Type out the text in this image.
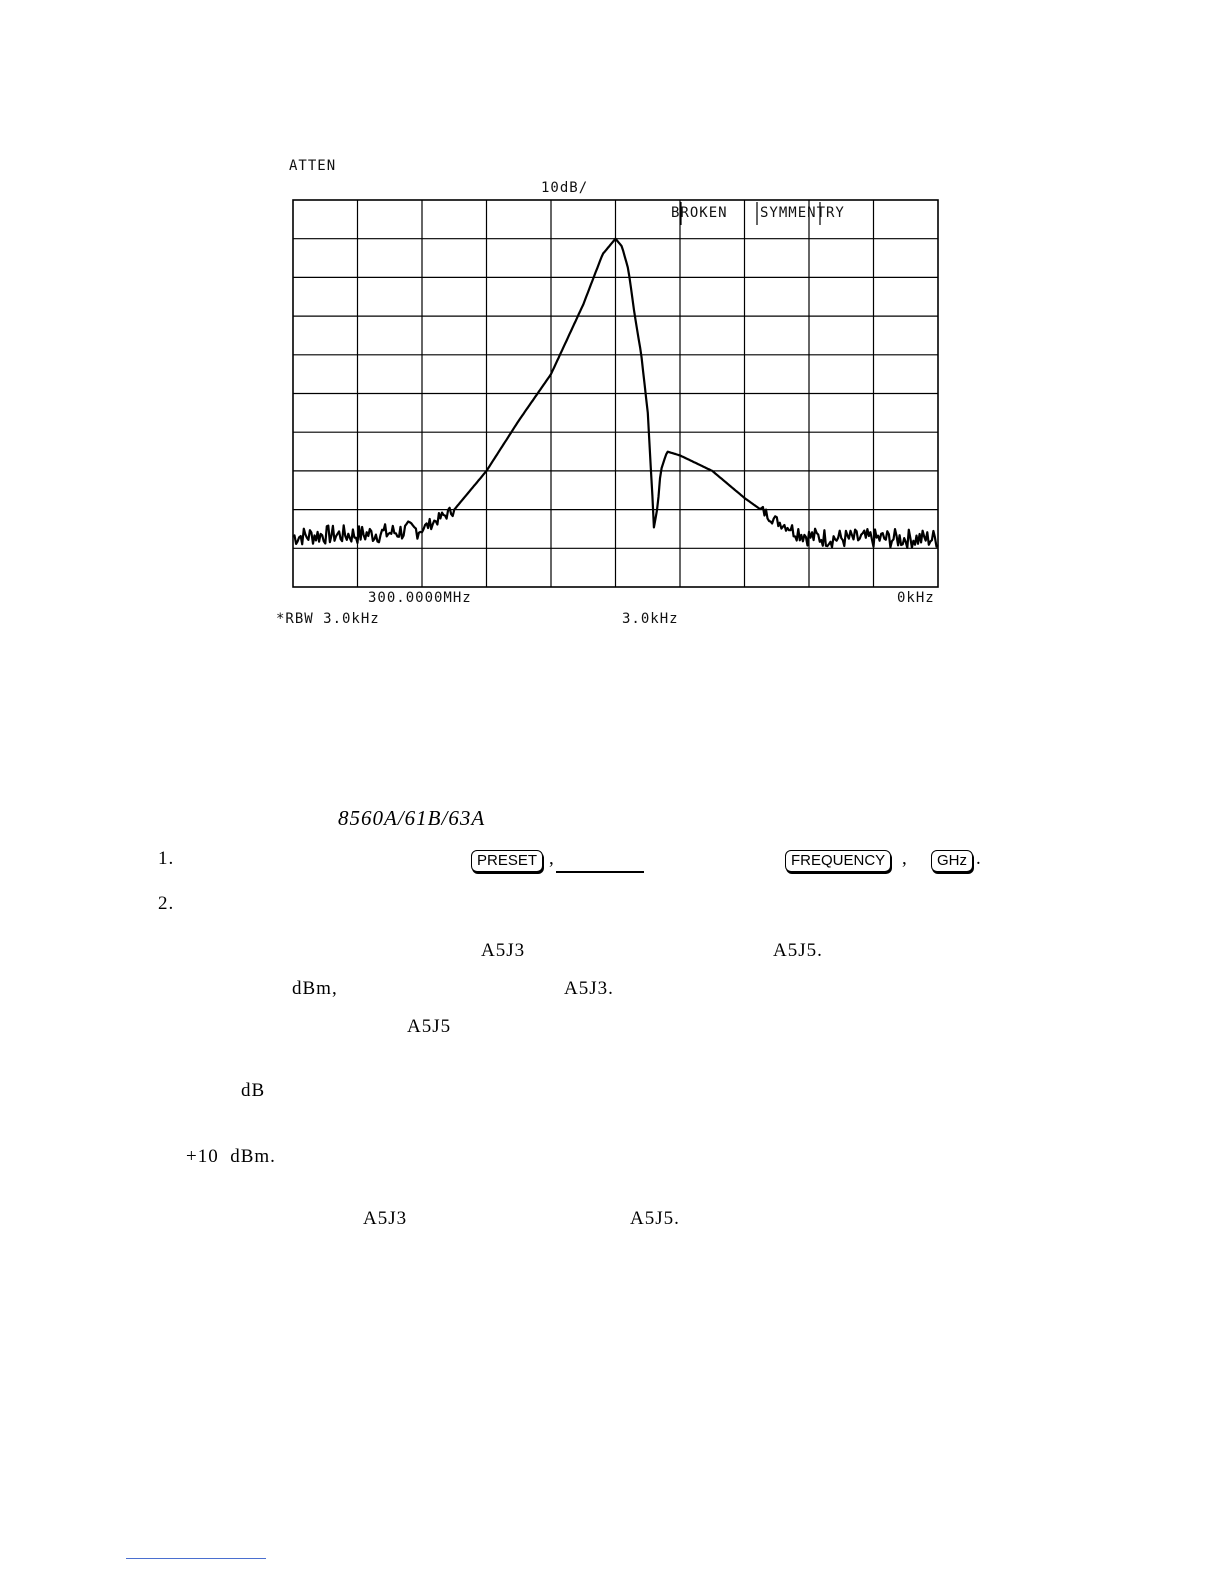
ATTEN
10dB/
BROKEN SYMMENTRY
300.0000MHz	0kHz
*RBW 3.0kHz	3.0kHz
8560A/61B/63A
1.	PRESET ,	FREQUENCY ,	GHz .
2.
A5J3	A5J5.
dBm,	A5J3.
A5J5
dB
+10  dBm.
A5J3	A5J5.
